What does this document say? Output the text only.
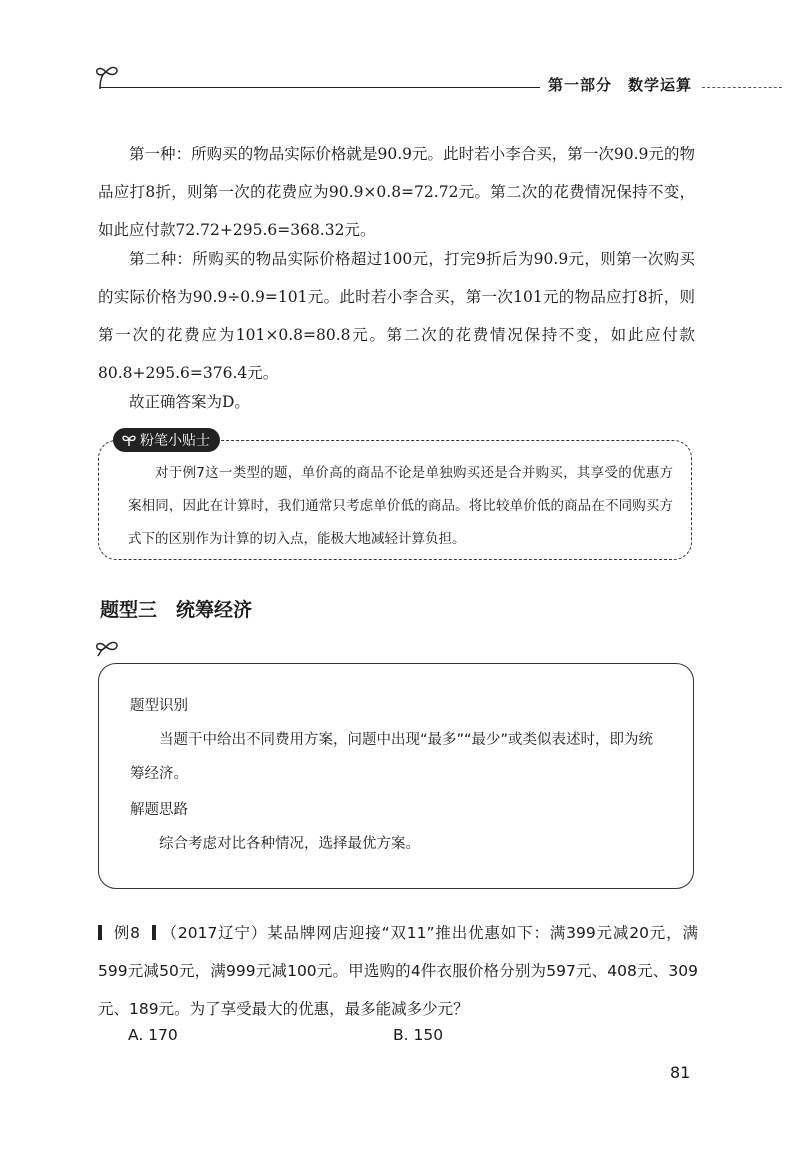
第一部分　数学运算
第一种：所购买的物品实际价格就是90.9元。此时若小李合买，第一次90.9元的物品应打8折，则第一次的花费应为90.9×0.8=72.72元。第二次的花费情况保持不变，如此应付款72.72+295.6=368.32元。
第二种：所购买的物品实际价格超过100元，打完9折后为90.9元，则第一次购买的实际价格为90.9÷0.9=101元。此时若小李合买，第一次101元的物品应打8折，则第一次的花费应为101×0.8=80.8元。第二次的花费情况保持不变，如此应付款80.8+295.6=376.4元。
故正确答案为D。
粉笔小贴士
对于例7这一类型的题，单价高的商品不论是单独购买还是合并购买，其享受的优惠方案相同，因此在计算时，我们通常只考虑单价低的商品。将比较单价低的商品在不同购买方式下的区别作为计算的切入点，能极大地减轻计算负担。
题型三　统筹经济
题型识别
当题干中给出不同费用方案，问题中出现“最多”“最少”或类似表述时，即为统筹经济。
解题思路
综合考虑对比各种情况，选择最优方案。
例8 （2017辽宁）某品牌网店迎接“双11”推出优惠如下：满399元减20元，满599元减50元，满999元减100元。甲选购的4件衣服价格分别为597元、408元、309元、189元。为了享受最大的优惠，最多能减多少元？
A. 170	B. 150
81
